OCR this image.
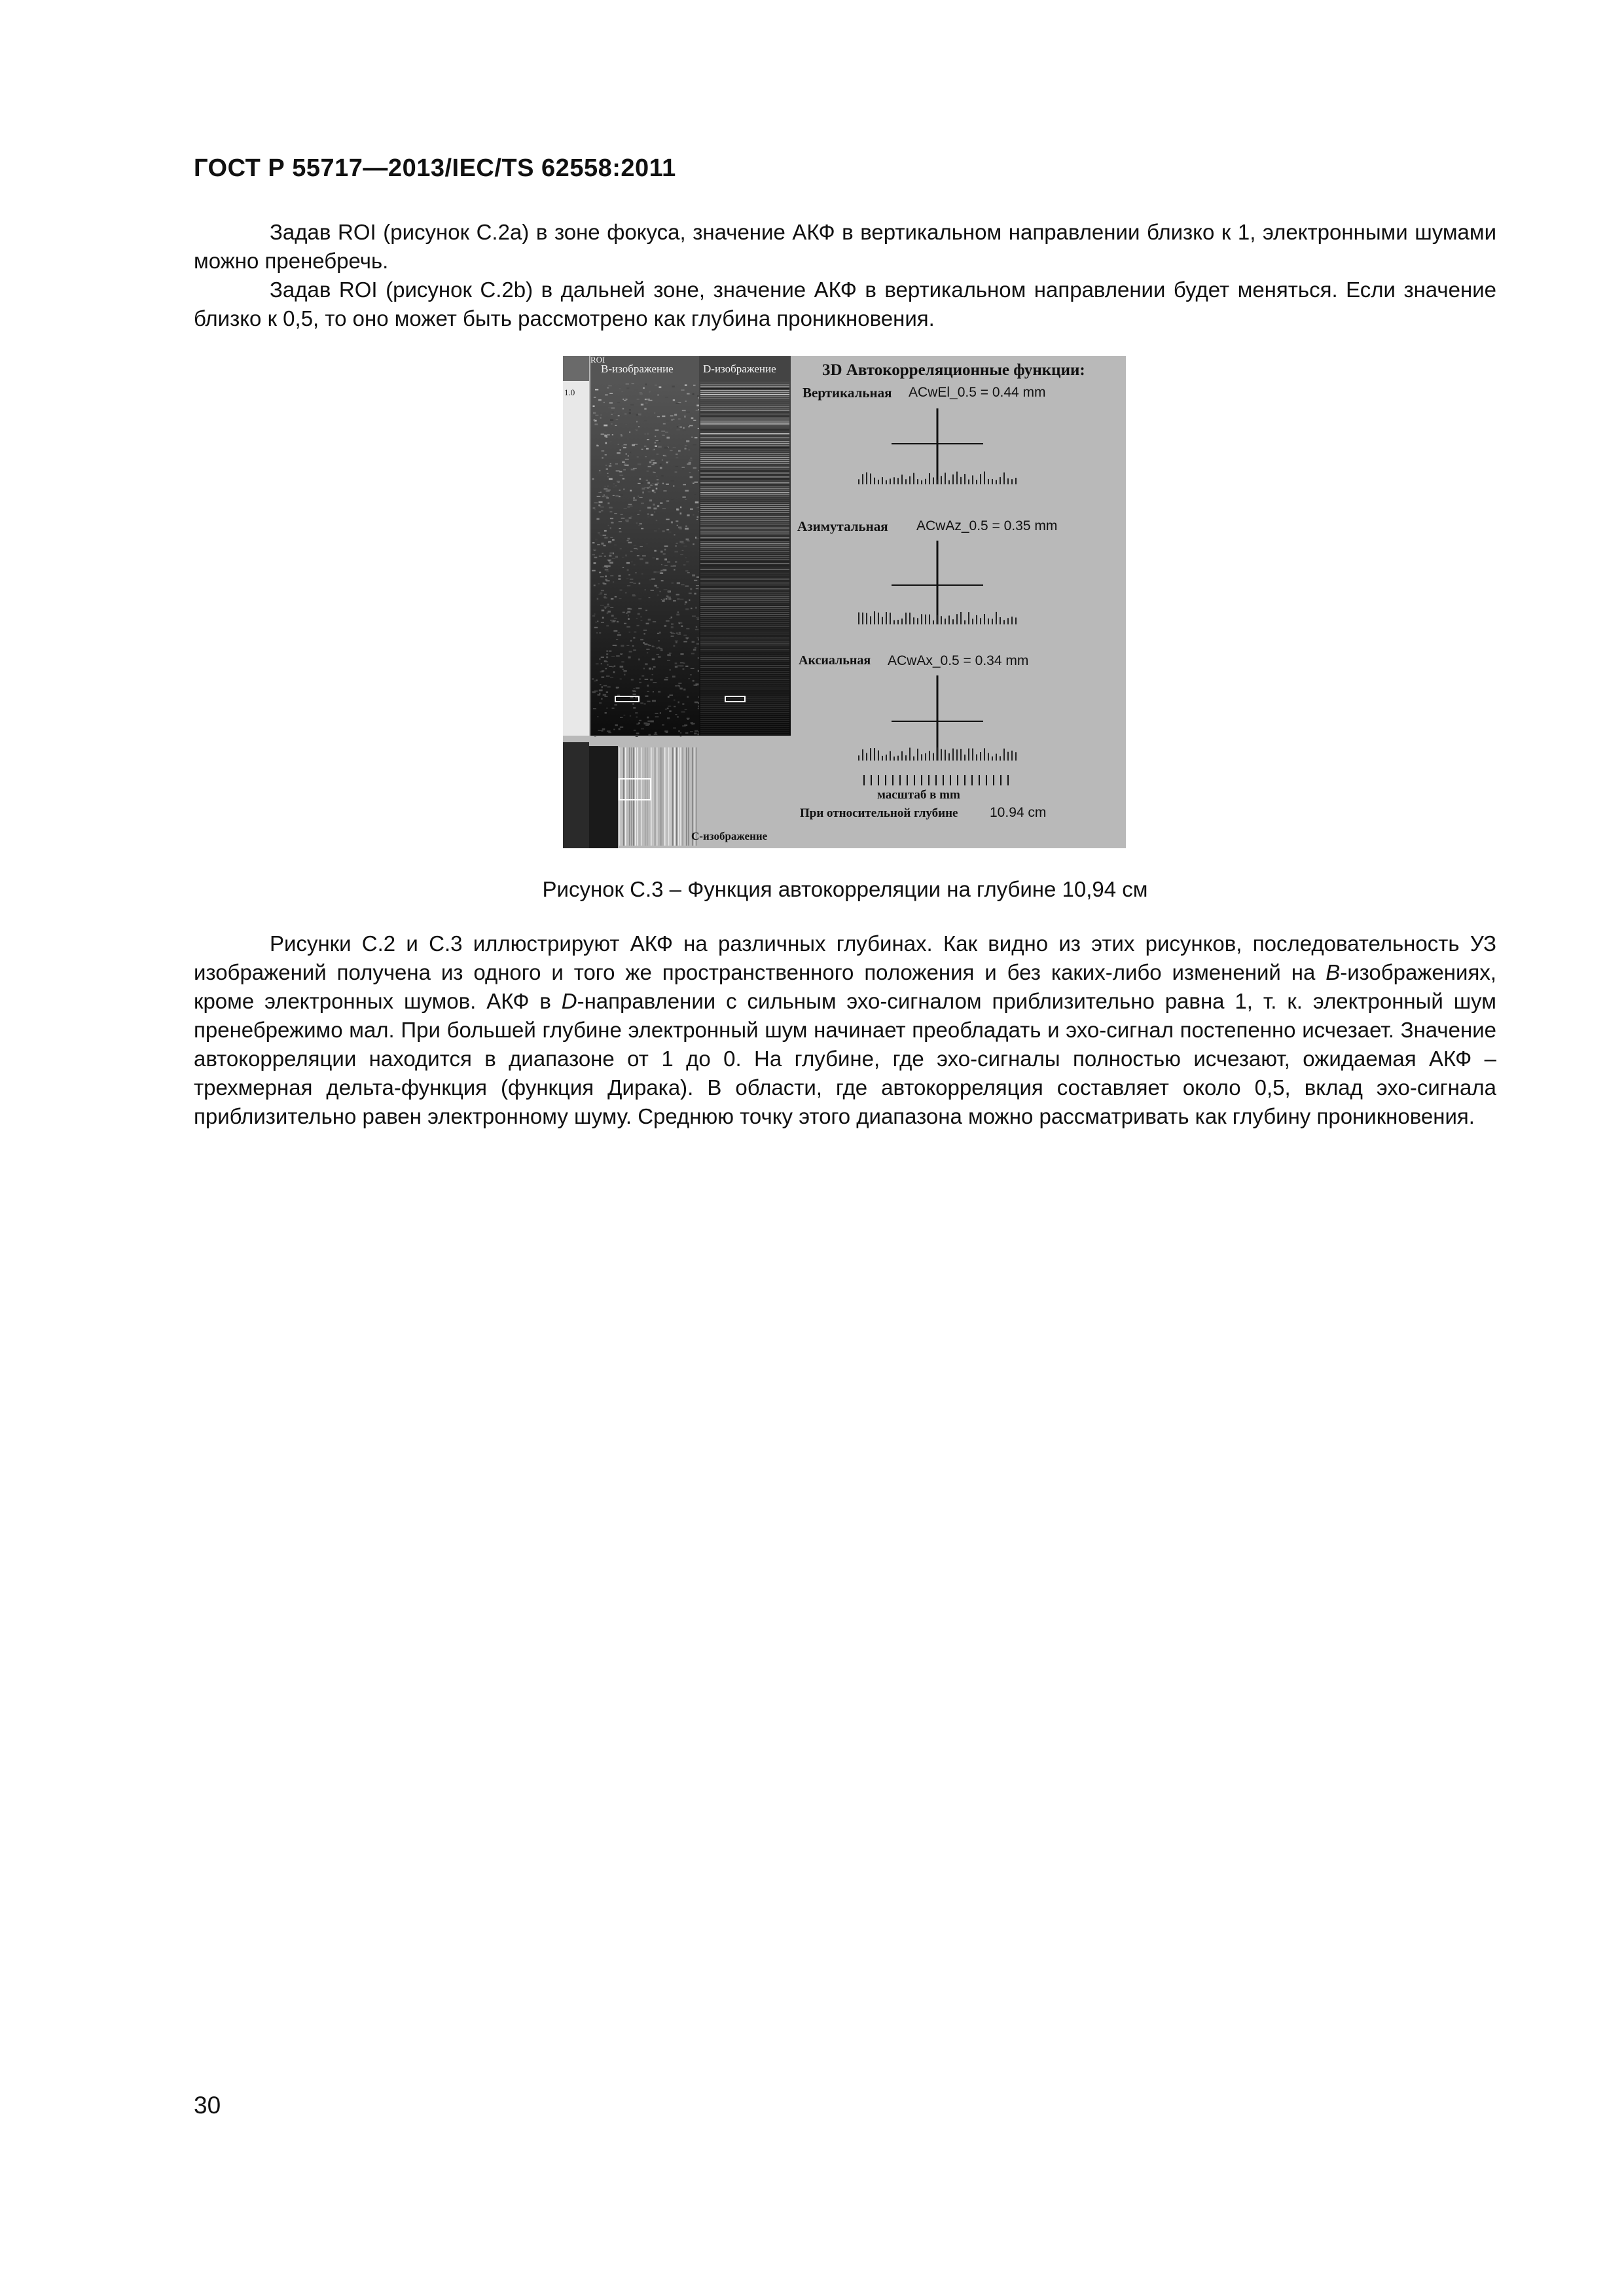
ГОСТ Р 55717—2013/IEC/TS 62558:2011

Задав ROI (рисунок С.2а) в зоне фокуса, значение АКФ в вертикальном направлении близко к 1, электронными шумами можно пренебречь.

Задав ROI (рисунок С.2b) в дальней зоне, значение АКФ в вертикальном направлении будет меняться. Если значение близко к 0,5, то оно может быть рассмотрено как глубина проникновения.

B-изображение	D-изображение
ROI
1.0
3D Автокорреляционные функции:
Вертикальная ACwEl_0.5 = 0.44 mm
Азимутальная ACwAz_0.5 = 0.35 mm
Аксиальная ACwAx_0.5 = 0.34 mm
масштаб в mm
При относительной глубине 10.94 cm
C-изображение
Рисунок С.3 – Функция автокорреляции на глубине 10,94 см

Рисунки С.2 и С.3 иллюстрируют АКФ на различных глубинах. Как видно из этих рисунков, последовательность УЗ изображений получена из одного и того же пространственного положения и без каких-либо изменений на B-изображениях, кроме электронных шумов. АКФ в D-направлении с сильным эхо-сигналом приблизительно равна 1, т. к. электронный шум пренебрежимо мал. При большей глубине электронный шум начинает преобладать и эхо-сигнал постепенно исчезает. Значение автокорреляции находится в диапазоне от 1 до 0. На глубине, где эхо-сигналы полностью исчезают, ожидаемая АКФ – трехмерная дельта-функция (функция Дирака). В области, где автокорреляция составляет около 0,5, вклад эхо-сигнала приблизительно равен электронному шуму. Среднюю точку этого диапазона можно рассматривать как глубину проникновения.

30
